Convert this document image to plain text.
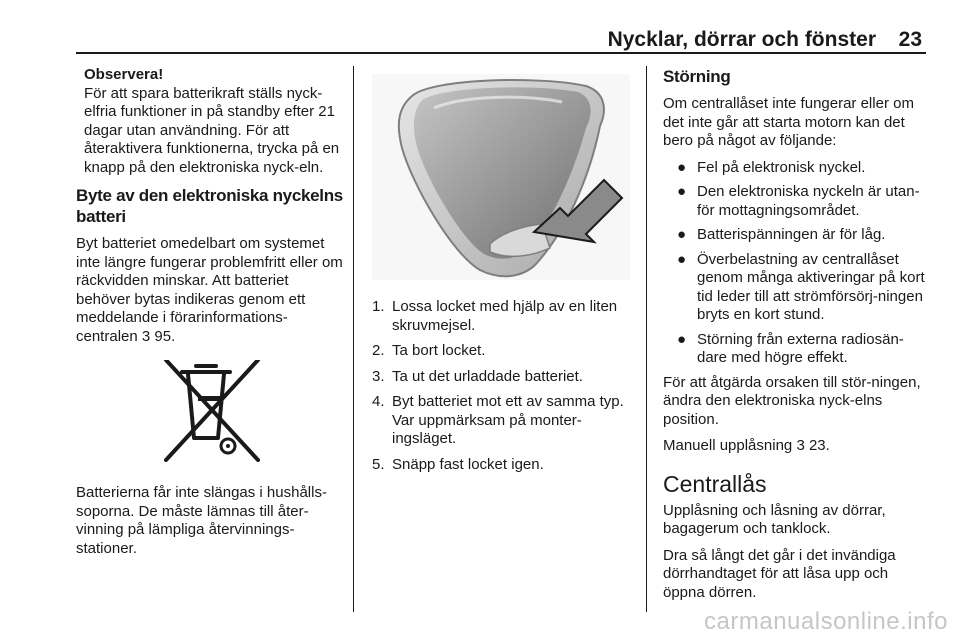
Nycklar, dörrar och fönster 23
Observera!
För att spara batterikraft ställs nyck-elfria funktioner in på standby efter 21 dagar utan användning. För att återaktivera funktionerna, trycka på en knapp på den elektroniska nyck-eln.
Byte av den elektroniska nyckelns batteri

Byt batteriet omedelbart om systemet inte längre fungerar problemfritt eller om räckvidden minskar. Att batteriet behöver bytas indikeras genom ett meddelande i förarinformations-centralen 3 95.

Batterierna får inte slängas i hushålls-soporna. De måste lämnas till åter-vinning på lämpliga återvinnings-stationer.

1. Lossa locket med hjälp av en liten skruvmejsel.
2. Ta bort locket.
3. Ta ut det urladdade batteriet.
4. Byt batteriet mot ett av samma typ. Var uppmärksam på monter-ingsläget.
5. Snäpp fast locket igen.
Störning

Om centrallåset inte fungerar eller om det inte går att starta motorn kan det bero på något av följande:

● Fel på elektronisk nyckel.
● Den elektroniska nyckeln är utan-för mottagningsområdet.
● Batterispänningen är för låg.
● Överbelastning av centrallåset genom många aktiveringar på kort tid leder till att strömförsörj-ningen bryts en kort stund.
● Störning från externa radiosän-dare med högre effekt.

För att åtgärda orsaken till stör-ningen, ändra den elektroniska nyck-elns position.

Manuell upplåsning 3 23.

Centrallås

Upplåsning och låsning av dörrar, bagagerum och tanklock.

Dra så långt det går i det invändiga dörrhandtaget för att låsa upp och öppna dörren.

carmanualsonline.info
